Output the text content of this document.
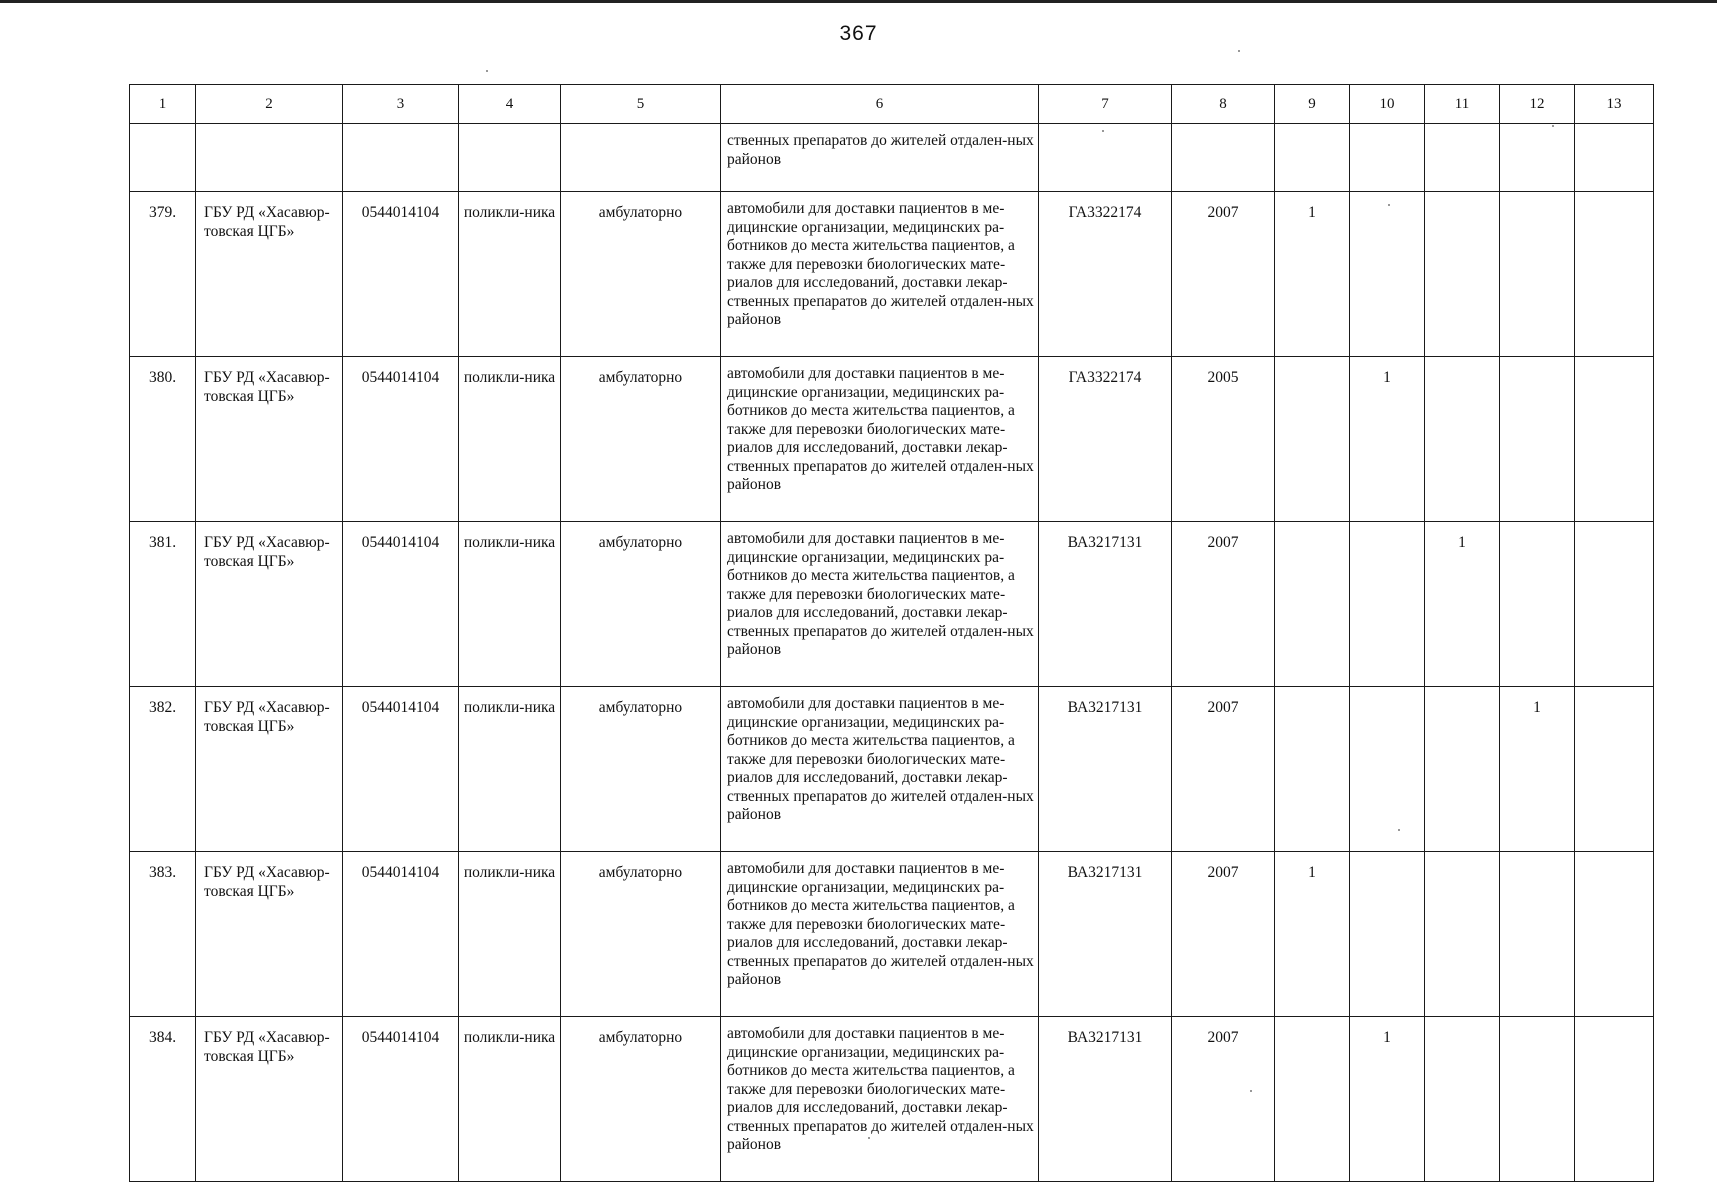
367
1	2	3	4	5	6	7	8	9	10	11	12	13
					ственных препаратов до жителей отдален-ных районов							
379.	ГБУ РД «Хасавюр-товская ЦГБ»	0544014104	поликли-ника	амбулаторно	автомобили для доставки пациентов в ме-дицинские организации, медицинских ра-ботников до места жительства пациентов, а также для перевозки биологических мате-риалов для исследований, доставки лекар-ственных препаратов до жителей отдален-ных районов	ГА3322174	2007	1				
380.	ГБУ РД «Хасавюр-товская ЦГБ»	0544014104	поликли-ника	амбулаторно	автомобили для доставки пациентов в ме-дицинские организации, медицинских ра-ботников до места жительства пациентов, а также для перевозки биологических мате-риалов для исследований, доставки лекар-ственных препаратов до жителей отдален-ных районов	ГА3322174	2005		1			
381.	ГБУ РД «Хасавюр-товская ЦГБ»	0544014104	поликли-ника	амбулаторно	автомобили для доставки пациентов в ме-дицинские организации, медицинских ра-ботников до места жительства пациентов, а также для перевозки биологических мате-риалов для исследований, доставки лекар-ственных препаратов до жителей отдален-ных районов	ВА3217131	2007			1		
382.	ГБУ РД «Хасавюр-товская ЦГБ»	0544014104	поликли-ника	амбулаторно	автомобили для доставки пациентов в ме-дицинские организации, медицинских ра-ботников до места жительства пациентов, а также для перевозки биологических мате-риалов для исследований, доставки лекар-ственных препаратов до жителей отдален-ных районов	ВА3217131	2007				1	
383.	ГБУ РД «Хасавюр-товская ЦГБ»	0544014104	поликли-ника	амбулаторно	автомобили для доставки пациентов в ме-дицинские организации, медицинских ра-ботников до места жительства пациентов, а также для перевозки биологических мате-риалов для исследований, доставки лекар-ственных препаратов до жителей отдален-ных районов	ВА3217131	2007	1				
384.	ГБУ РД «Хасавюр-товская ЦГБ»	0544014104	поликли-ника	амбулаторно	автомобили для доставки пациентов в ме-дицинские организации, медицинских ра-ботников до места жительства пациентов, а также для перевозки биологических мате-риалов для исследований, доставки лекар-ственных препаратов до жителей отдален-ных районов	ВА3217131	2007		1			
